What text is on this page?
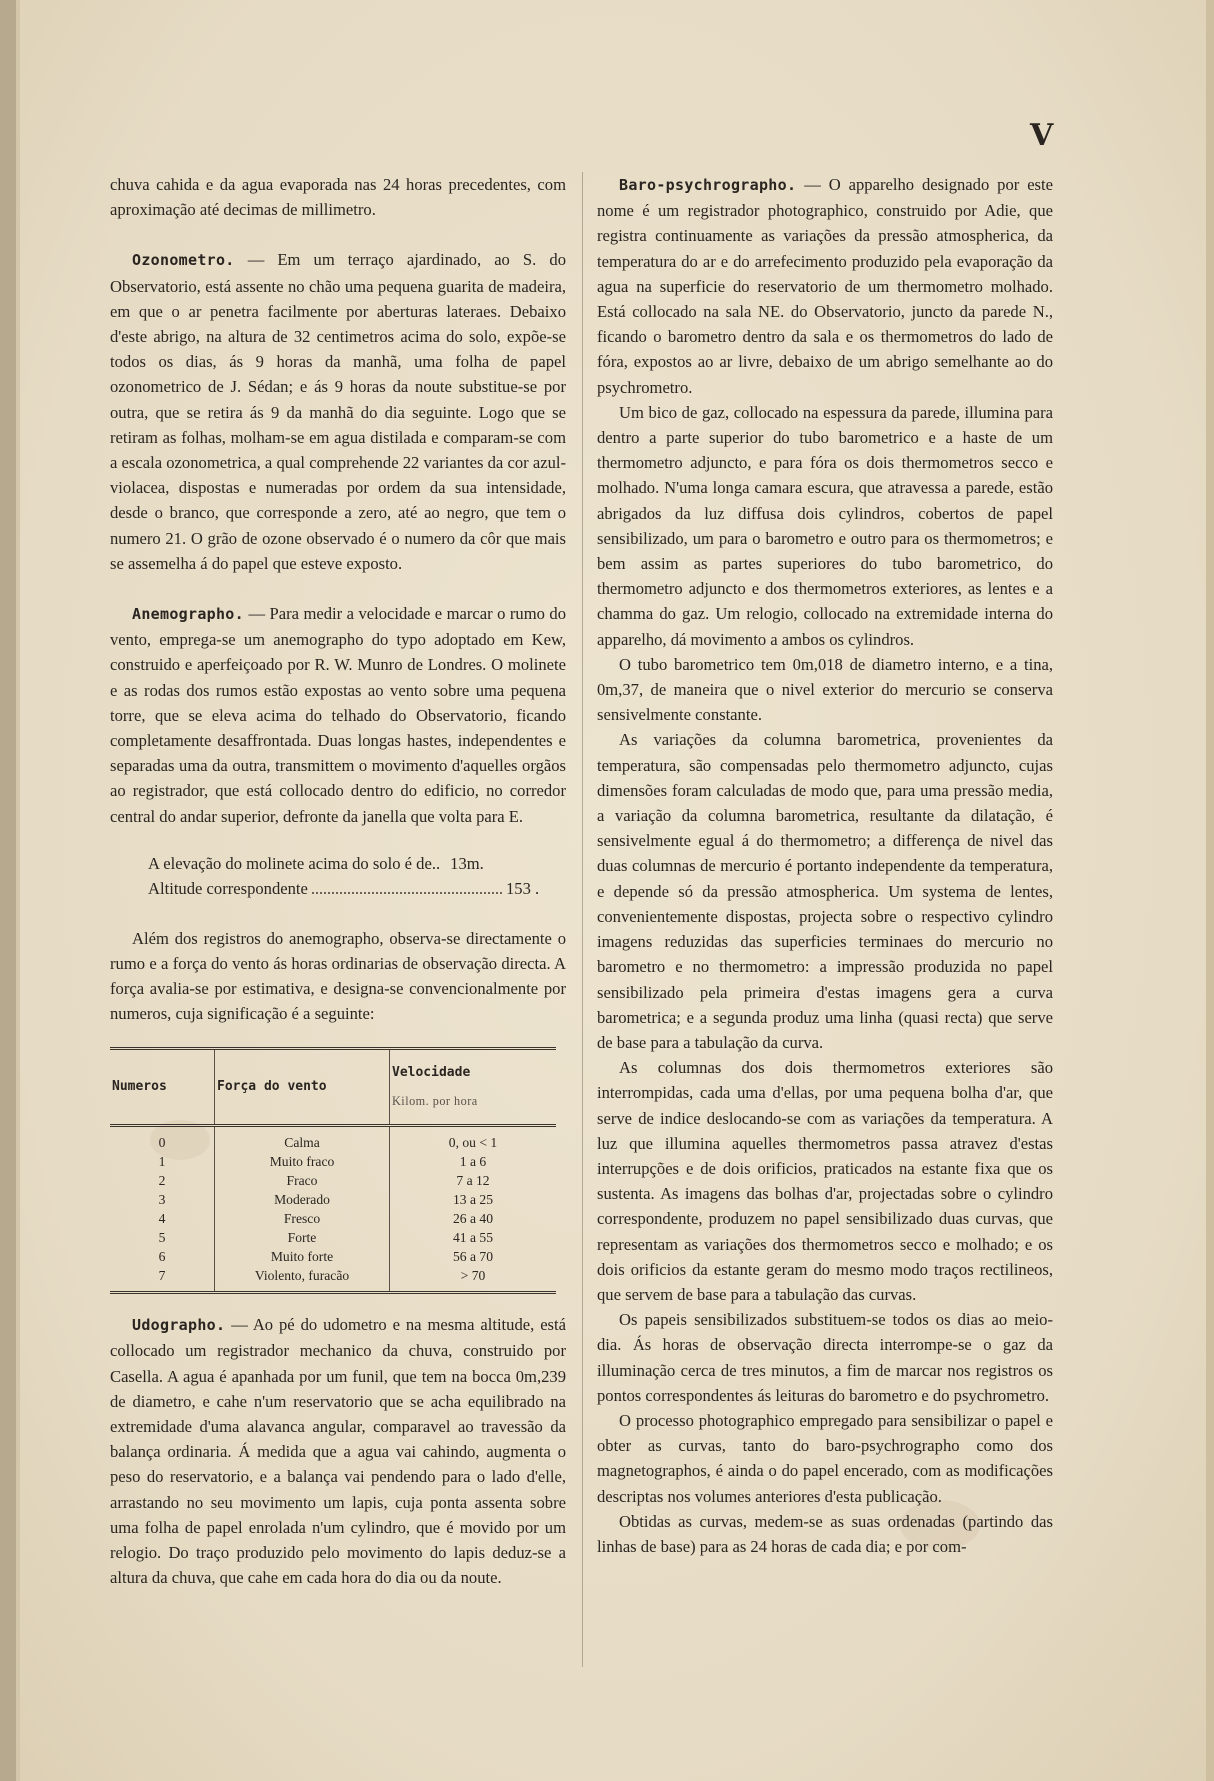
V

chuva cahida e da agua evaporada nas 24 horas precedentes, com aproximação até decimas de millimetro.

Ozonometro. — Em um terraço ajardinado, ao S. do Observatorio, está assente no chão uma pequena guarita de madeira, em que o ar penetra facilmente por aberturas lateraes. Debaixo d'este abrigo, na altura de 32 centimetros acima do solo, expõe-se todos os dias, ás 9 horas da manhã, uma folha de papel ozonometrico de J. Sédan; e ás 9 horas da noute substitue-se por outra, que se retira ás 9 da manhã do dia seguinte. Logo que se retiram as folhas, molham-se em agua distilada e comparam-se com a escala ozonometrica, a qual comprehende 22 variantes da cor azul-violacea, dispostas e numeradas por ordem da sua intensidade, desde o branco, que corresponde a zero, até ao negro, que tem o numero 21. O grão de ozone observado é o numero da côr que mais se assemelha á do papel que esteve exposto.

Anemographo. — Para medir a velocidade e marcar o rumo do vento, emprega-se um anemographo do typo adoptado em Kew, construido e aperfeiçoado por R. W. Munro de Londres. O molinete e as rodas dos rumos estão expostas ao vento sobre uma pequena torre, que se eleva acima do telhado do Observatorio, ficando completamente desaffrontada. Duas longas hastes, independentes e separadas uma da outra, transmittem o movimento d'aquelles orgãos ao registrador, que está collocado dentro do edificio, no corredor central do andar superior, defronte da janella que volta para E.

A elevação do molinete acima do solo é de.. 13m.
Altitude correspondente	153 .

Além dos registros do anemographo, observa-se directamente o rumo e a força do vento ás horas ordinarias de observação directa. A força avalia-se por estimativa, e designa-se convencionalmente por numeros, cuja significação é a seguinte:

Numeros	Força do vento	Velocidade
Kilom. por hora

0	Calma	0, ou < 1
1	Muito fraco	1 a 6
2	Fraco	7 a 12
3	Moderado	13 a 25
4	Fresco	26 a 40
5	Forte	41 a 55
6	Muito forte	56 a 70
7	Violento, furacão	> 70

Udographo. — Ao pé do udometro e na mesma altitude, está collocado um registrador mechanico da chuva, construido por Casella. A agua é apanhada por um funil, que tem na bocca 0m,239 de diametro, e cahe n'um reservatorio que se acha equilibrado na extremidade d'uma alavanca angular, comparavel ao travessão da balança ordinaria. Á medida que a agua vai cahindo, augmenta o peso do reservatorio, e a balança vai pendendo para o lado d'elle, arrastando no seu movimento um lapis, cuja ponta assenta sobre uma folha de papel enrolada n'um cylindro, que é movido por um relogio. Do traço produzido pelo movimento do lapis deduz-se a altura da chuva, que cahe em cada hora do dia ou da noute.

Baro-psychrographo. — O apparelho designado por este nome é um registrador photographico, construido por Adie, que registra continuamente as variações da pressão atmospherica, da temperatura do ar e do arrefecimento produzido pela evaporação da agua na superficie do reservatorio de um thermometro molhado. Está collocado na sala NE. do Observatorio, juncto da parede N., ficando o barometro dentro da sala e os thermometros do lado de fóra, expostos ao ar livre, debaixo de um abrigo semelhante ao do psychrometro.

Um bico de gaz, collocado na espessura da parede, illumina para dentro a parte superior do tubo barometrico e a haste de um thermometro adjuncto, e para fóra os dois thermometros secco e molhado. N'uma longa camara escura, que atravessa a parede, estão abrigados da luz diffusa dois cylindros, cobertos de papel sensibilizado, um para o barometro e outro para os thermometros; e bem assim as partes superiores do tubo barometrico, do thermometro adjuncto e dos thermometros exteriores, as lentes e a chamma do gaz. Um relogio, collocado na extremidade interna do apparelho, dá movimento a ambos os cylindros.

O tubo barometrico tem 0m,018 de diametro interno, e a tina, 0m,37, de maneira que o nivel exterior do mercurio se conserva sensivelmente constante.

As variações da columna barometrica, provenientes da temperatura, são compensadas pelo thermometro adjuncto, cujas dimensões foram calculadas de modo que, para uma pressão media, a variação da columna barometrica, resultante da dilatação, é sensivelmente egual á do thermometro; a differença de nivel das duas columnas de mercurio é portanto independente da temperatura, e depende só da pressão atmospherica. Um systema de lentes, convenientemente dispostas, projecta sobre o respectivo cylindro imagens reduzidas das superficies terminaes do mercurio no barometro e no thermometro: a impressão produzida no papel sensibilizado pela primeira d'estas imagens gera a curva barometrica; e a segunda produz uma linha (quasi recta) que serve de base para a tabulação da curva.

As columnas dos dois thermometros exteriores são interrompidas, cada uma d'ellas, por uma pequena bolha d'ar, que serve de indice deslocando-se com as variações da temperatura. A luz que illumina aquelles thermometros passa atravez d'estas interrupções e de dois orificios, praticados na estante fixa que os sustenta. As imagens das bolhas d'ar, projectadas sobre o cylindro correspondente, produzem no papel sensibilizado duas curvas, que representam as variações dos thermometros secco e molhado; e os dois orificios da estante geram do mesmo modo traços rectilineos, que servem de base para a tabulação das curvas.

Os papeis sensibilizados substituem-se todos os dias ao meio-dia. Ás horas de observação directa interrompe-se o gaz da illuminação cerca de tres minutos, a fim de marcar nos registros os pontos correspondentes ás leituras do barometro e do psychrometro.

O processo photographico empregado para sensibilizar o papel e obter as curvas, tanto do baro-psychrographo como dos magnetographos, é ainda o do papel encerado, com as modificações descriptas nos volumes anteriores d'esta publicação.

Obtidas as curvas, medem-se as suas ordenadas (partindo das linhas de base) para as 24 horas de cada dia; e por com-
